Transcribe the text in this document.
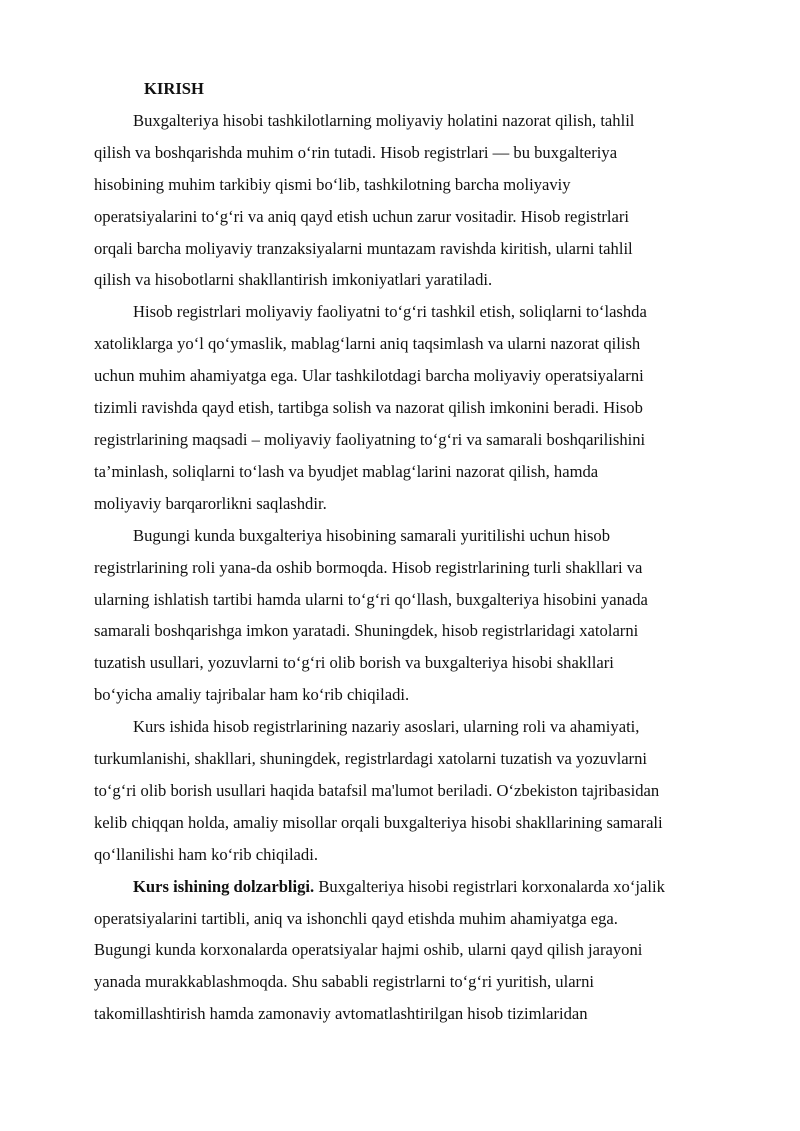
KIRISH

Buxgalteriya hisobi tashkilotlarning moliyaviy holatini nazorat qilish, tahlil
qilish va boshqarishda muhim o‘rin tutadi. Hisob registrlari — bu buxgalteriya
hisobining muhim tarkibiy qismi bo‘lib, tashkilotning barcha moliyaviy
operatsiyalarini to‘g‘ri va aniq qayd etish uchun zarur vositadir. Hisob registrlari
orqali barcha moliyaviy tranzaksiyalarni muntazam ravishda kiritish, ularni tahlil
qilish va hisobotlarni shakllantirish imkoniyatlari yaratiladi.

Hisob registrlari moliyaviy faoliyatni to‘g‘ri tashkil etish, soliqlarni to‘lashda
xatoliklarga yo‘l qo‘ymaslik, mablag‘larni aniq taqsimlash va ularni nazorat qilish
uchun muhim ahamiyatga ega. Ular tashkilotdagi barcha moliyaviy operatsiyalarni
tizimli ravishda qayd etish, tartibga solish va nazorat qilish imkonini beradi. Hisob
registrlarining maqsadi – moliyaviy faoliyatning to‘g‘ri va samarali boshqarilishini
ta’minlash, soliqlarni to‘lash va byudjet mablag‘larini nazorat qilish, hamda
moliyaviy barqarorlikni saqlashdir.

Bugungi kunda buxgalteriya hisobining samarali yuritilishi uchun hisob
registrlarining roli yana-da oshib bormoqda. Hisob registrlarining turli shakllari va
ularning ishlatish tartibi hamda ularni to‘g‘ri qo‘llash, buxgalteriya hisobini yanada
samarali boshqarishga imkon yaratadi. Shuningdek, hisob registrlaridagi xatolarni
tuzatish usullari, yozuvlarni to‘g‘ri olib borish va buxgalteriya hisobi shakllari
bo‘yicha amaliy tajribalar ham ko‘rib chiqiladi.

Kurs ishida hisob registrlarining nazariy asoslari, ularning roli va ahamiyati,
turkumlanishi, shakllari, shuningdek, registrlardagi xatolarni tuzatish va yozuvlarni
to‘g‘ri olib borish usullari haqida batafsil ma'lumot beriladi. O‘zbekiston tajribasidan
kelib chiqqan holda, amaliy misollar orqali buxgalteriya hisobi shakllarining samarali
qo‘llanilishi ham ko‘rib chiqiladi.

Kurs ishining dolzarbligi. Buxgalteriya hisobi registrlari korxonalarda xo‘jalik
operatsiyalarini tartibli, aniq va ishonchli qayd etishda muhim ahamiyatga ega.
Bugungi kunda korxonalarda operatsiyalar hajmi oshib, ularni qayd qilish jarayoni
yanada murakkablashmoqda. Shu sababli registrlarni to‘g‘ri yuritish, ularni
takomillashtirish hamda zamonaviy avtomatlashtirilgan hisob tizimlaridan
